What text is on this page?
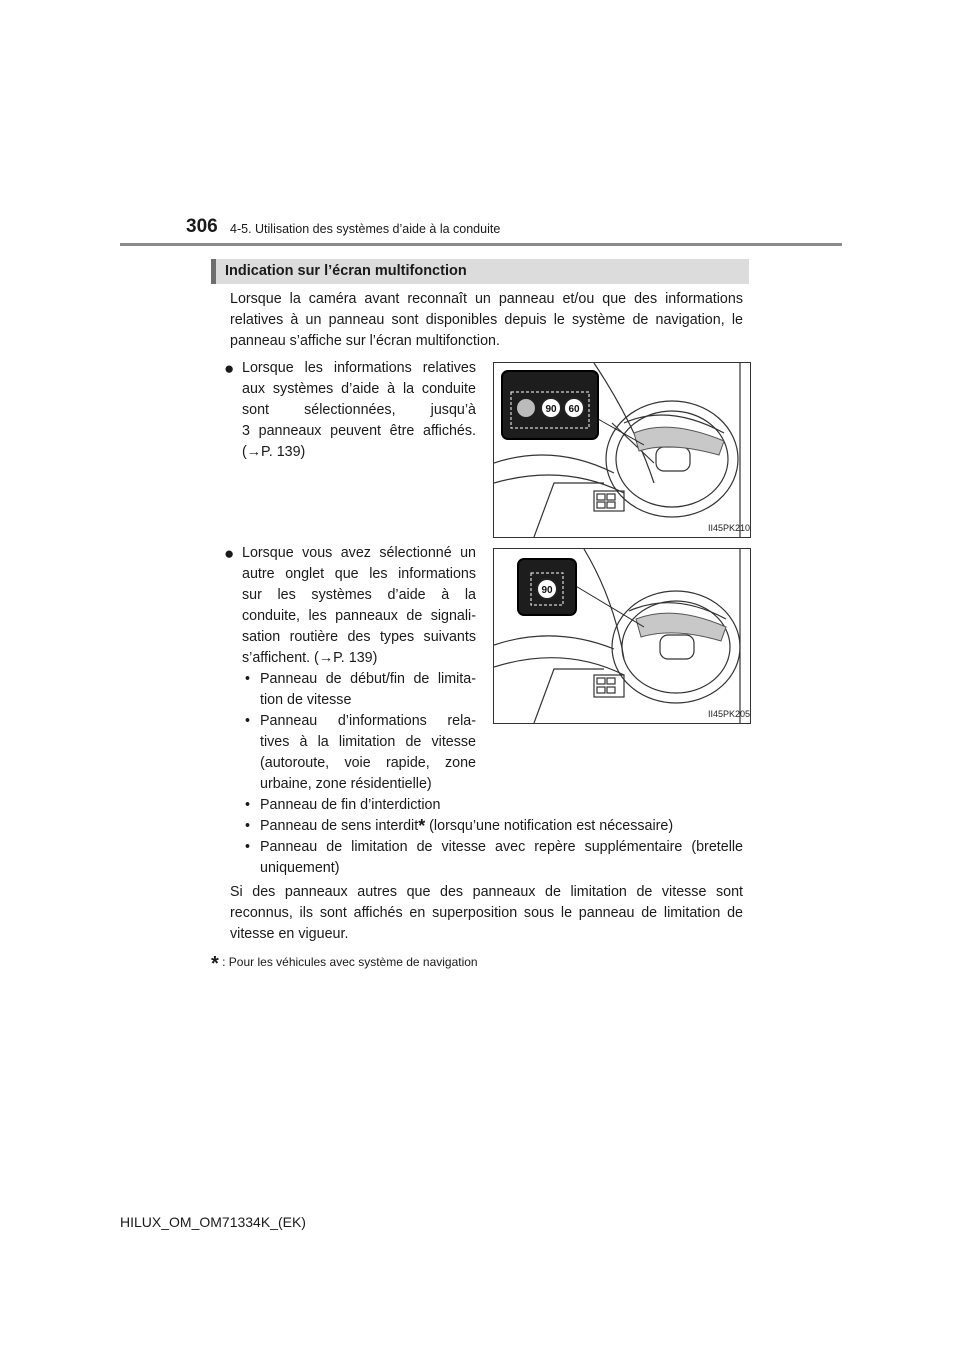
306 4-5. Utilisation des systèmes d’aide à la conduite
Indication sur l’écran multifonction
Lorsque la caméra avant reconnaît un panneau et/ou que des informations relatives à un panneau sont disponibles depuis le système de navigation, le panneau s’affiche sur l’écran multifonction.
● Lorsque les informations relatives
aux systèmes d’aide à la conduite
sont sélectionnées, jusqu’à
3 panneaux peuvent être affichés.
(→P. 139)
90 60
II45PK210
● Lorsque vous avez sélectionné un
autre onglet que les informations
sur les systèmes d’aide à la
conduite, les panneaux de signali-
sation routière des types suivants
s’affichent. (→P. 139)
• Panneau de début/fin de limita-
tion de vitesse
• Panneau d’informations rela-
tives à la limitation de vitesse
(autoroute, voie rapide, zone
urbaine, zone résidentielle)
• Panneau de fin d’interdiction
• Panneau de sens interdit* (lorsqu’une notification est nécessaire)
• Panneau de limitation de vitesse avec repère supplémentaire (bretelle
uniquement)
90
II45PK205
Si des panneaux autres que des panneaux de limitation de vitesse sont reconnus, ils sont affichés en superposition sous le panneau de limitation de vitesse en vigueur.
* : Pour les véhicules avec système de navigation
HILUX_OM_OM71334K_(EK)
